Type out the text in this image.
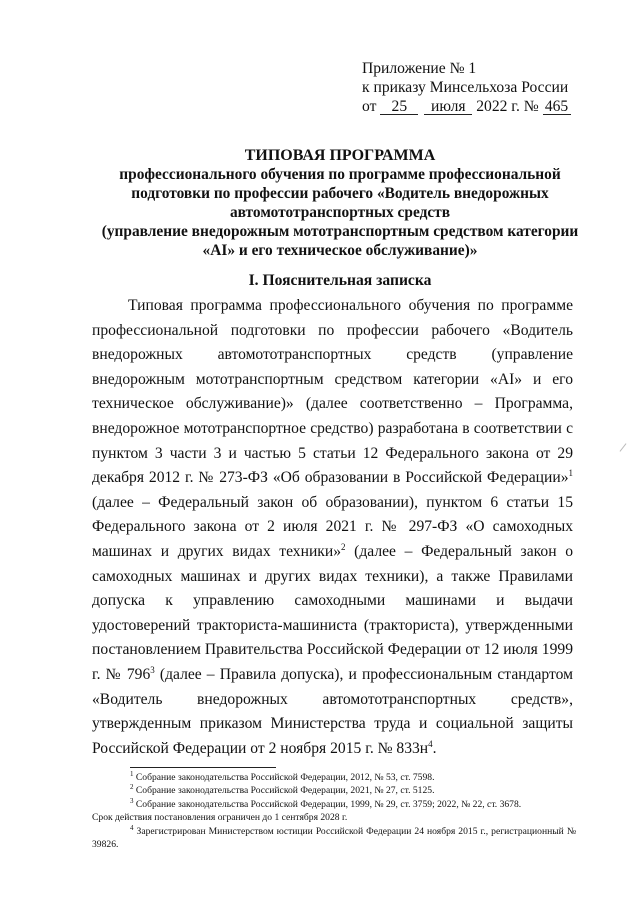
Приложение № 1
к приказу Минсельхоза России
от 25 июля 2022 г. № 465
ТИПОВАЯ ПРОГРАММА
профессионального обучения по программе профессиональной
подготовки по профессии рабочего «Водитель внедорожных
автомототранспортных средств
(управление внедорожным мототранспортным средством категории
«AI» и его техническое обслуживание)»
I. Пояснительная записка

Типовая программа профессионального обучения по программе профессиональной подготовки по профессии рабочего «Водитель внедорожных автомототранспортных средств (управление внедорожным мототранспортным средством категории «AI» и его техническое обслуживание)» (далее соответственно – Программа, внедорожное мототранспортное средство) разработана в соответствии с пунктом 3 части 3 и частью 5 статьи 12 Федерального закона от 29 декабря 2012 г. № 273-ФЗ «Об образовании в Российской Федерации»$^1$ (далее – Федеральный закон об образовании), пунктом 6 статьи 15 Федерального закона от 2 июля 2021 г. № 297-ФЗ «О самоходных машинах и других видах техники»$^2$ (далее – Федеральный закон о самоходных машинах и других видах техники), а также Правилами допуска к управлению самоходными машинами и выдачи удостоверений тракториста-машиниста (тракториста), утвержденными постановлением Правительства Российской Федерации от 12 июля 1999 г. № $796^3$ (далее – Правила допуска), и профессиональным стандартом «Водитель внедорожных автомототранспортных средств», утвержденным приказом Министерства труда и социальной защиты Российской Федерации от 2 ноября 2015 г. № $833н^4$.

$^1$ Собрание законодательства Российской Федерации, 2012, № 53, ст. 7598.

$^2$ Собрание законодательства Российской Федерации, 2021, № 27, ст. 5125.

$^3$ Собрание законодательства Российской Федерации, 1999, № 29, ст. 3759; 2022, № 22, ст. 3678.

Срок действия постановления ограничен до 1 сентября 2028 г.

$^4$ Зарегистрирован Министерством юстиции Российской Федерации 24 ноября 2015 г., регистрационный № 39826.
